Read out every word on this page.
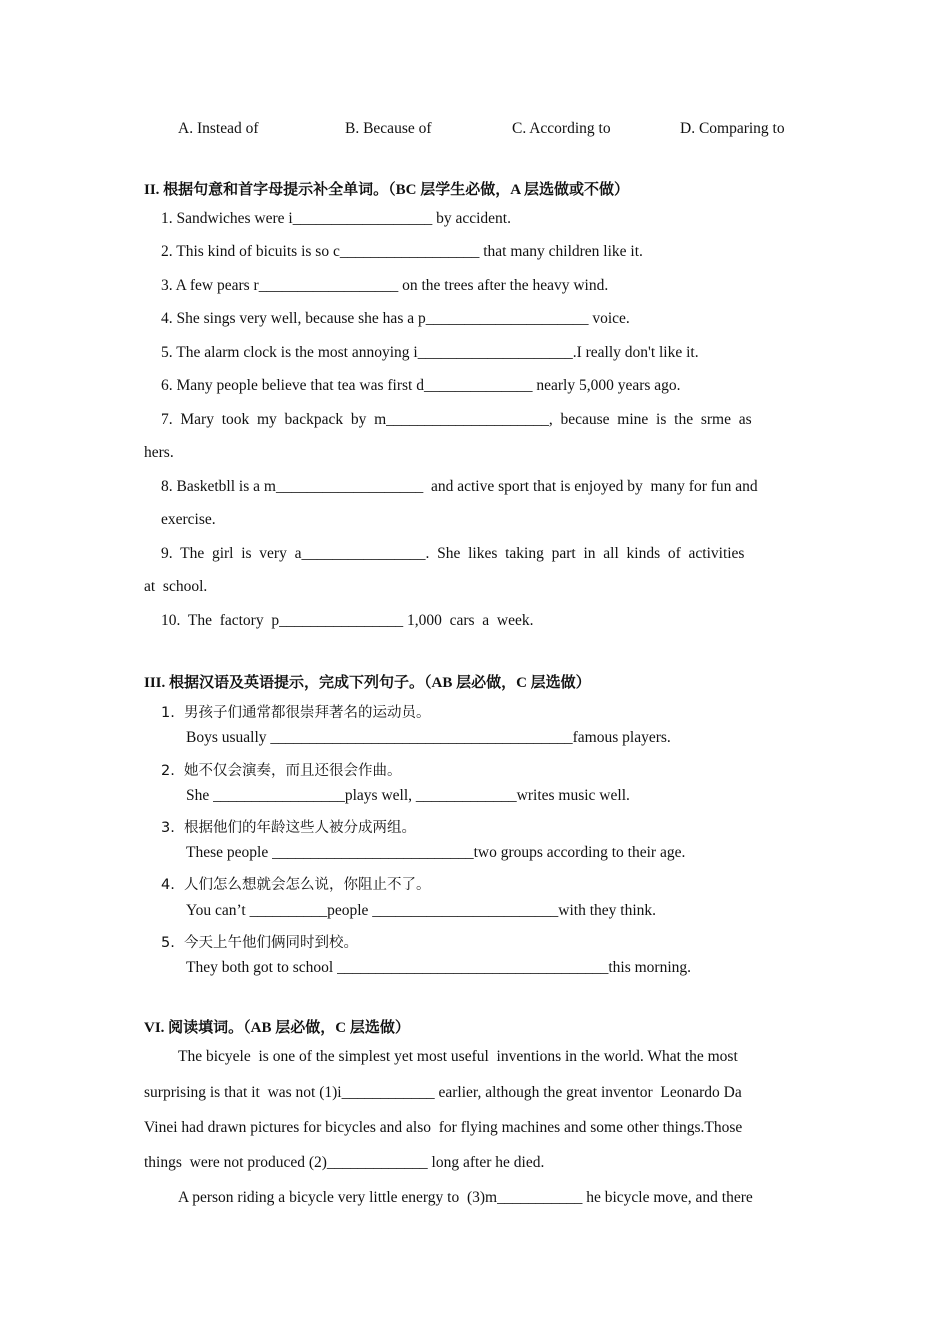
A. Instead of	B. Because of	C. According to	D. Comparing to
II. 根据句意和首字母提示补全单词。（BC 层学生必做，A 层选做或不做）
1. Sandwiches were i__________________ by accident.
2. This kind of bicuits is so c__________________ that many children like it.
3. A few pears r__________________ on the trees after the heavy wind.
4. She sings very well, because she has a p_____________________ voice.
5. The alarm clock is the most annoying i____________________.I really don't like it.
6. Many people believe that tea was first d______________ nearly 5,000 years ago.
7.  Mary  took  my  backpack  by  m_____________________,  because  mine  is  the  srme  as
hers.
8. Basketbll is a m___________________  and active sport that is enjoyed by  many for fun and
exercise.
9.  The  girl  is  very  a________________.  She  likes  taking  part  in  all  kinds  of  activities
at  school.
10.  The  factory  p________________ 1,000  cars  a  week.
III. 根据汉语及英语提示，完成下列句子。（AB 层必做，C 层选做）
1.  男孩子们通常都很崇拜著名的运动员。
Boys usually _______________________________________famous players.
2.  她不仅会演奏，而且还很会作曲。
She _________________plays well, _____________writes music well.
3.  根据他们的年龄这些人被分成两组。
These people __________________________two groups according to their age.
4.  人们怎么想就会怎么说，你阻止不了。
You can’t __________people ________________________with they think.
5.  今天上午他们俩同时到校。
They both got to school ___________________________________this morning.
VI. 阅读填词。（AB 层必做，C 层选做）
The bicyele  is one of the simplest yet most useful  inventions in the world. What the most
surprising is that it  was not (1)i____________ earlier, although the great inventor  Leonardo Da
Vinei had drawn pictures for bicycles and also  for flying machines and some other things.Those
things  were not produced (2)_____________ long after he died.
A person riding a bicycle very little energy to  (3)m___________ he bicycle move, and there
